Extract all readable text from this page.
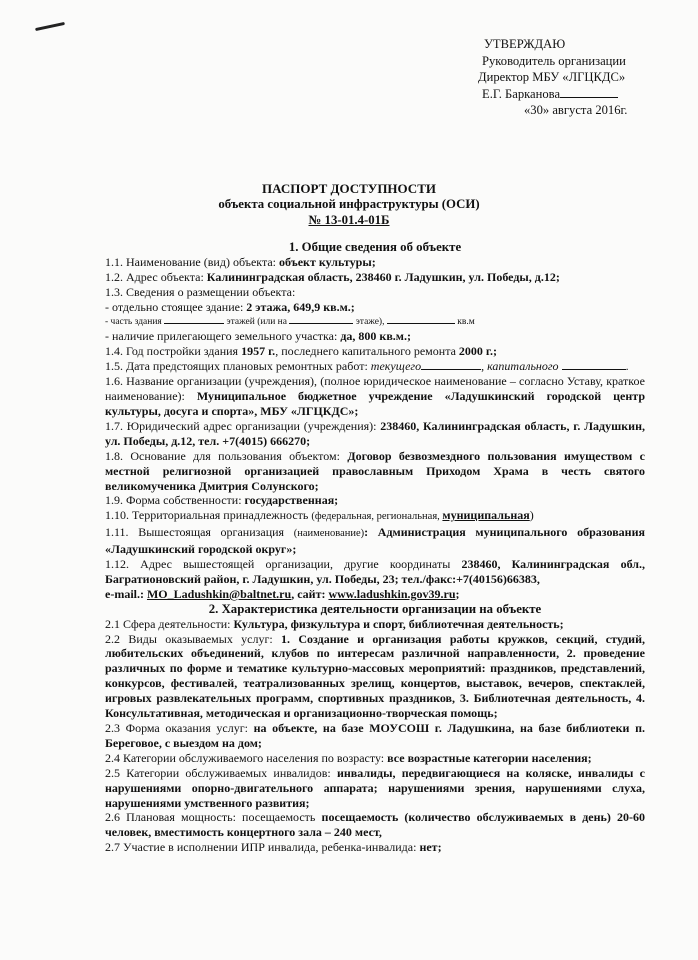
УТВЕРЖДАЮ
Руководитель организации
Директор МБУ «ЛГЦКДС»
Е.Г. Барканова
«30» августа 2016г.
ПАСПОРТ ДОСТУПНОСТИ
объекта социальной инфраструктуры (ОСИ)
№ 13-01.4-01Б

1. Общие сведения об объекте

1.1. Наименование (вид) объекта: объект культуры;

1.2. Адрес объекта: Калининградская область, 238460 г. Ладушкин, ул. Победы, д.12;

1.3. Сведения о размещении объекта:

- отдельно стоящее здание: 2 этажа, 649,9 кв.м.;

- часть здания	этажей (или на	этаже),	кв.м

- наличие прилегающего земельного участка: да, 800 кв.м.;

1.4. Год постройки здания 1957 г., последнего капитального ремонта 2000 г.;

1.5. Дата предстоящих плановых ремонтных работ: текущего	, капитального	.

1.6. Название организации (учреждения), (полное юридическое наименование – согласно Уставу, краткое наименование): Муниципальное бюджетное учреждение «Ладушкинский городской центр культуры, досуга и спорта», МБУ «ЛГЦКДС»;

1.7. Юридический адрес организации (учреждения): 238460, Калининградская область, г. Ладушкин, ул. Победы, д.12, тел. +7(4015) 666270;

1.8. Основание для пользования объектом: Договор безвозмездного пользования имуществом с местной религиозной организацией православным Приходом Храма в честь святого великомученика Дмитрия Солунского;

1.9. Форма собственности: государственная;

1.10. Территориальная принадлежность (федеральная, региональная, муниципальная)

1.11. Вышестоящая организация (наименование): Администрация муниципального образования «Ладушкинский городской округ»;

1.12. Адрес вышестоящей организации, другие координаты 238460, Калининградская обл., Багратионовский район, г. Ладушкин, ул. Победы, 23; тел./факс:+7(40156)66383,
e-mail.: MO_Ladushkin@baltnet.ru, сайт: www.ladushkin.gov39.ru;

2. Характеристика деятельности организации на объекте

2.1 Сфера деятельности: Культура, физкультура и спорт, библиотечная деятельность;

2.2 Виды оказываемых услуг: 1. Создание и организация работы кружков, секций, студий, любительских объединений, клубов по интересам различной направленности, 2. проведение различных по форме и тематике культурно-массовых мероприятий: праздников, представлений, конкурсов, фестивалей, театрализованных зрелищ, концертов, выставок, вечеров, спектаклей, игровых развлекательных программ, спортивных праздников, 3. Библиотечная деятельность, 4. Консультативная, методическая и организационно-творческая помощь;

2.3 Форма оказания услуг: на объекте, на базе МОУСОШ г. Ладушкина, на базе библиотеки п. Береговое, с выездом на дом;

2.4 Категории обслуживаемого населения по возрасту: все возрастные категории населения;

2.5 Категории обслуживаемых инвалидов: инвалиды, передвигающиеся на коляске, инвалиды с нарушениями опорно-двигательного аппарата; нарушениями зрения, нарушениями слуха, нарушениями умственного развития;

2.6 Плановая мощность: посещаемость посещаемость (количество обслуживаемых в день) 20-60 человек, вместимость концертного зала – 240 мест,

2.7 Участие в исполнении ИПР инвалида, ребенка-инвалида: нет;
